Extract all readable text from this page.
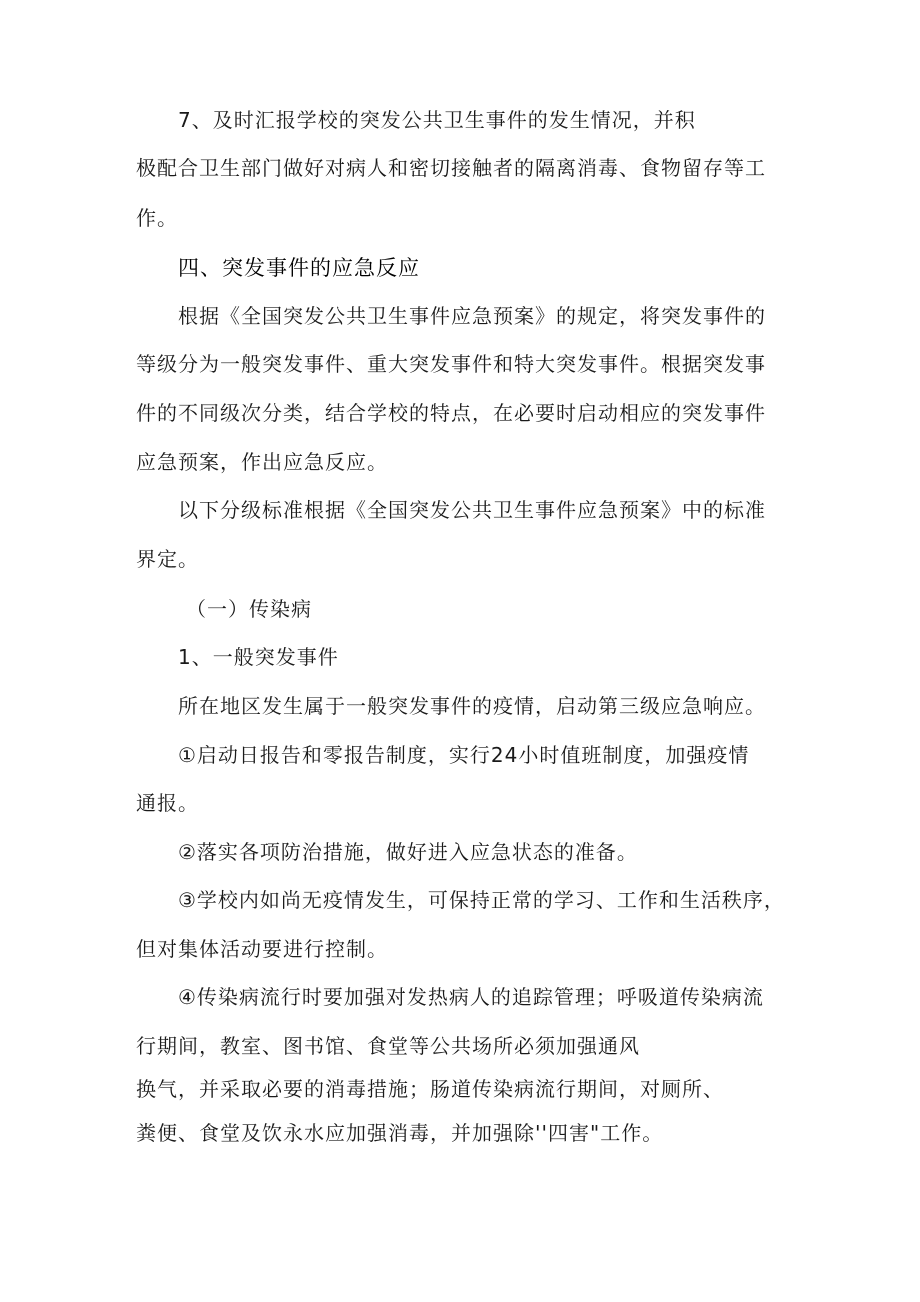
7、及时汇报学校的突发公共卫生事件的发生情况，并积
极配合卫生部门做好对病人和密切接触者的隔离消毒、食物留存等工
作。
四、突发事件的应急反应
根据《全国突发公共卫生事件应急预案》的规定，将突发事件的
等级分为一般突发事件、重大突发事件和特大突发事件。根据突发事
件的不同级次分类，结合学校的特点，在必要时启动相应的突发事件
应急预案，作出应急反应。
以下分级标准根据《全国突发公共卫生事件应急预案》中的标准
界定。
（一）传染病
1、一般突发事件
所在地区发生属于一般突发事件的疫情，启动第三级应急响应。
①启动日报告和零报告制度，实行24小时值班制度，加强疫情
通报。
②落实各项防治措施，做好进入应急状态的准备。
③学校内如尚无疫情发生，可保持正常的学习、工作和生活秩序，
但对集体活动要进行控制。
④传染病流行时要加强对发热病人的追踪管理；呼吸道传染病流
行期间，教室、图书馆、食堂等公共场所必须加强通风
换气，并采取必要的消毒措施；肠道传染病流行期间，对厕所、
粪便、食堂及饮永水应加强消毒，并加强除''四害"工作。
